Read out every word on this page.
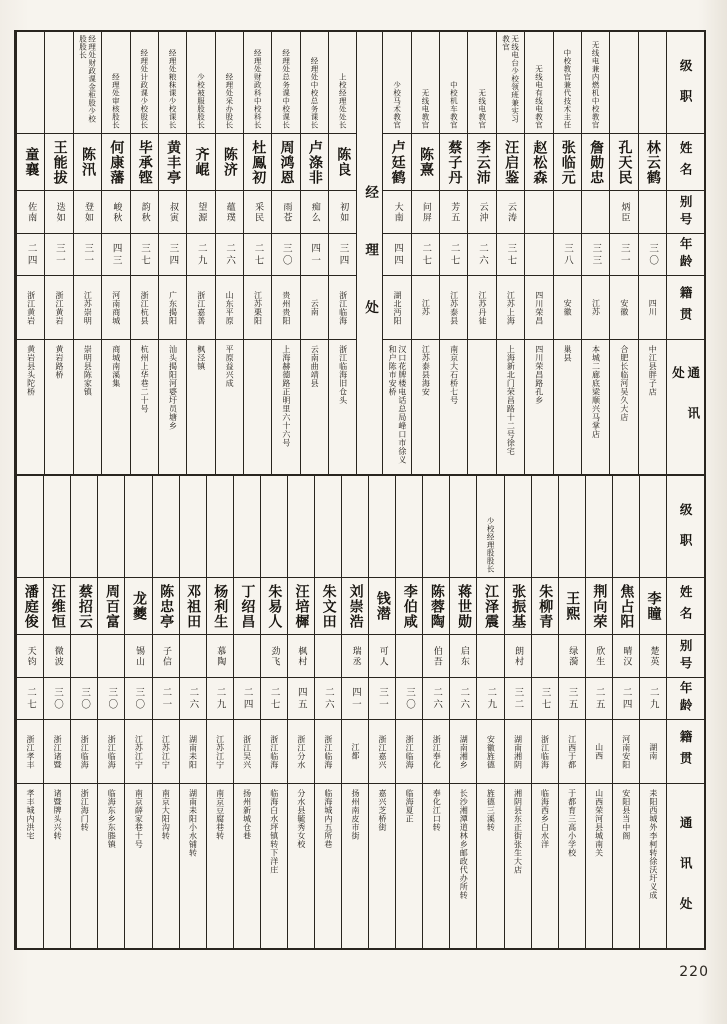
级职
姓名
别号
年龄
籍贯
通讯处
林云鹤
三〇
四川
中江县胖子店
孔天民
炳臣
三一
安徽
合肥长临河吴久大店
无线电兼内燃机中校教官
詹勋忠
三三
江苏
本城二廊底梁顺兴马掌店
中校教官兼代技术主任
张临元
三八
安徽
巢县
无线电有线电教官
赵松森
四川荣昌
四川荣昌路孔乡
无线电台少校领班兼实习教官
汪启鉴
云涛
三七
江苏上海
上海新北门荣昌路十二号徐宅
无线电教官
李云沛
云沖
二六
江苏丹徒
中校机车教官
蔡子丹
芳五
二七
江苏泰县
南京大石桥七号
无线电教官
陈熹
问屏
二七
江苏
江苏泰县海安
少校马术教官
卢廷鹤
大南
四四
湖北沔阳
汉口花牌楼电话总局峰口市徐义和户陈市安桥
经理处
上校经理处处长
陈良
初如
三四
浙江临海
浙江临海旧仓头
经理处中校总务课长
卢涤非
痴么
四一
云南
云南曲靖县
经理处总务课中校课长
周鸿恩
雨苍
三〇
贵州贵阳
上海赫德路正明里六十六号
经理处财政科中校科长
杜鳯初
采民
二七
江苏栗阳
经理处采办股长
陈济
蕴璞
二六
山东平原
平原益兴成
少校被服股股长
齐崐
望源
二九
浙江嘉善
枫泾镇
经理处粮秣课少校课长
黄丰亭
叔寅
三四
广东揭阳
汕头揭阳河婆圩员塘乡
经理处计政课少校股长
毕承铿
韵秋
三七
浙江杭县
杭州上华巷二十号
经理处审核股长
何康藩
峻秋
四三
河南商城
商城南溪集
经理处财政课金柜股少校股股长
陈汛
登如
三一
江苏崇明
崇明县陈家镇
王能拔
迭如
三一
浙江黄岩
黄岩路桥
童襄
佐南
二四
浙江黄岩
黄岩县头陀桥
级职
姓名
别号
年龄
籍贯
通讯处
李瞳
楚英
二九
湖南
耒阳西城外李柯转徐沃圩义成
焦占阳
晴汉
二四
河南安阳
安阳县当中阁
荆向荣
欣生
二五
山西
山西荣河县城南关
王熙
绿漪
三五
江西于都
于都育三高小学校
朱柳青
三七
浙江临海
临海西乡白水洋
张振基
朗村
三二
湖南湘阴
湘阴县东正街张生大店
少校经理股股长
江泽震
二九
安徽旌德
旌德三溪转
蒋世勋
启东
二六
湖南湘乡
长沙湘潭道林乡邮政代办所转
陈蓉陶
伯吾
二六
浙江奉化
奉化江口转
李伯咸
三〇
浙江临海
临海夏正
钱潜
可人
三一
浙江嘉兴
嘉兴芝桥街
刘崇浩
瑞丞
四一
江都
扬州南皮市街
朱文田
二六
浙江临海
临海城内五所巷
汪培樨
枫村
四五
浙江分水
分水县毓秀女校
朱易人
劲飞
二七
浙江临海
临海白水坪镇转下洋庄
丁绍昌
二四
浙江吴兴
扬州新城仓巷
杨利生
慕陶
二九
江苏江宁
南京豆腐巷转
邓祖田
二六
湖南耒阳
湖南耒阳小水铺转
陈忠亭
子信
二一
江苏江宁
南京大阳沟转
龙夔
锡山
三〇
江苏江宁
南京薛家巷十号
周百富
三〇
浙江临海
临海东乡东塍镇
蔡招云
三〇
浙江临海
浙江海门转
汪维恒
微波
三〇
浙江诸暨
诸暨牌头兴转
潘庭俊
天钧
二七
浙江孝丰
孝丰城内洪宅
220
